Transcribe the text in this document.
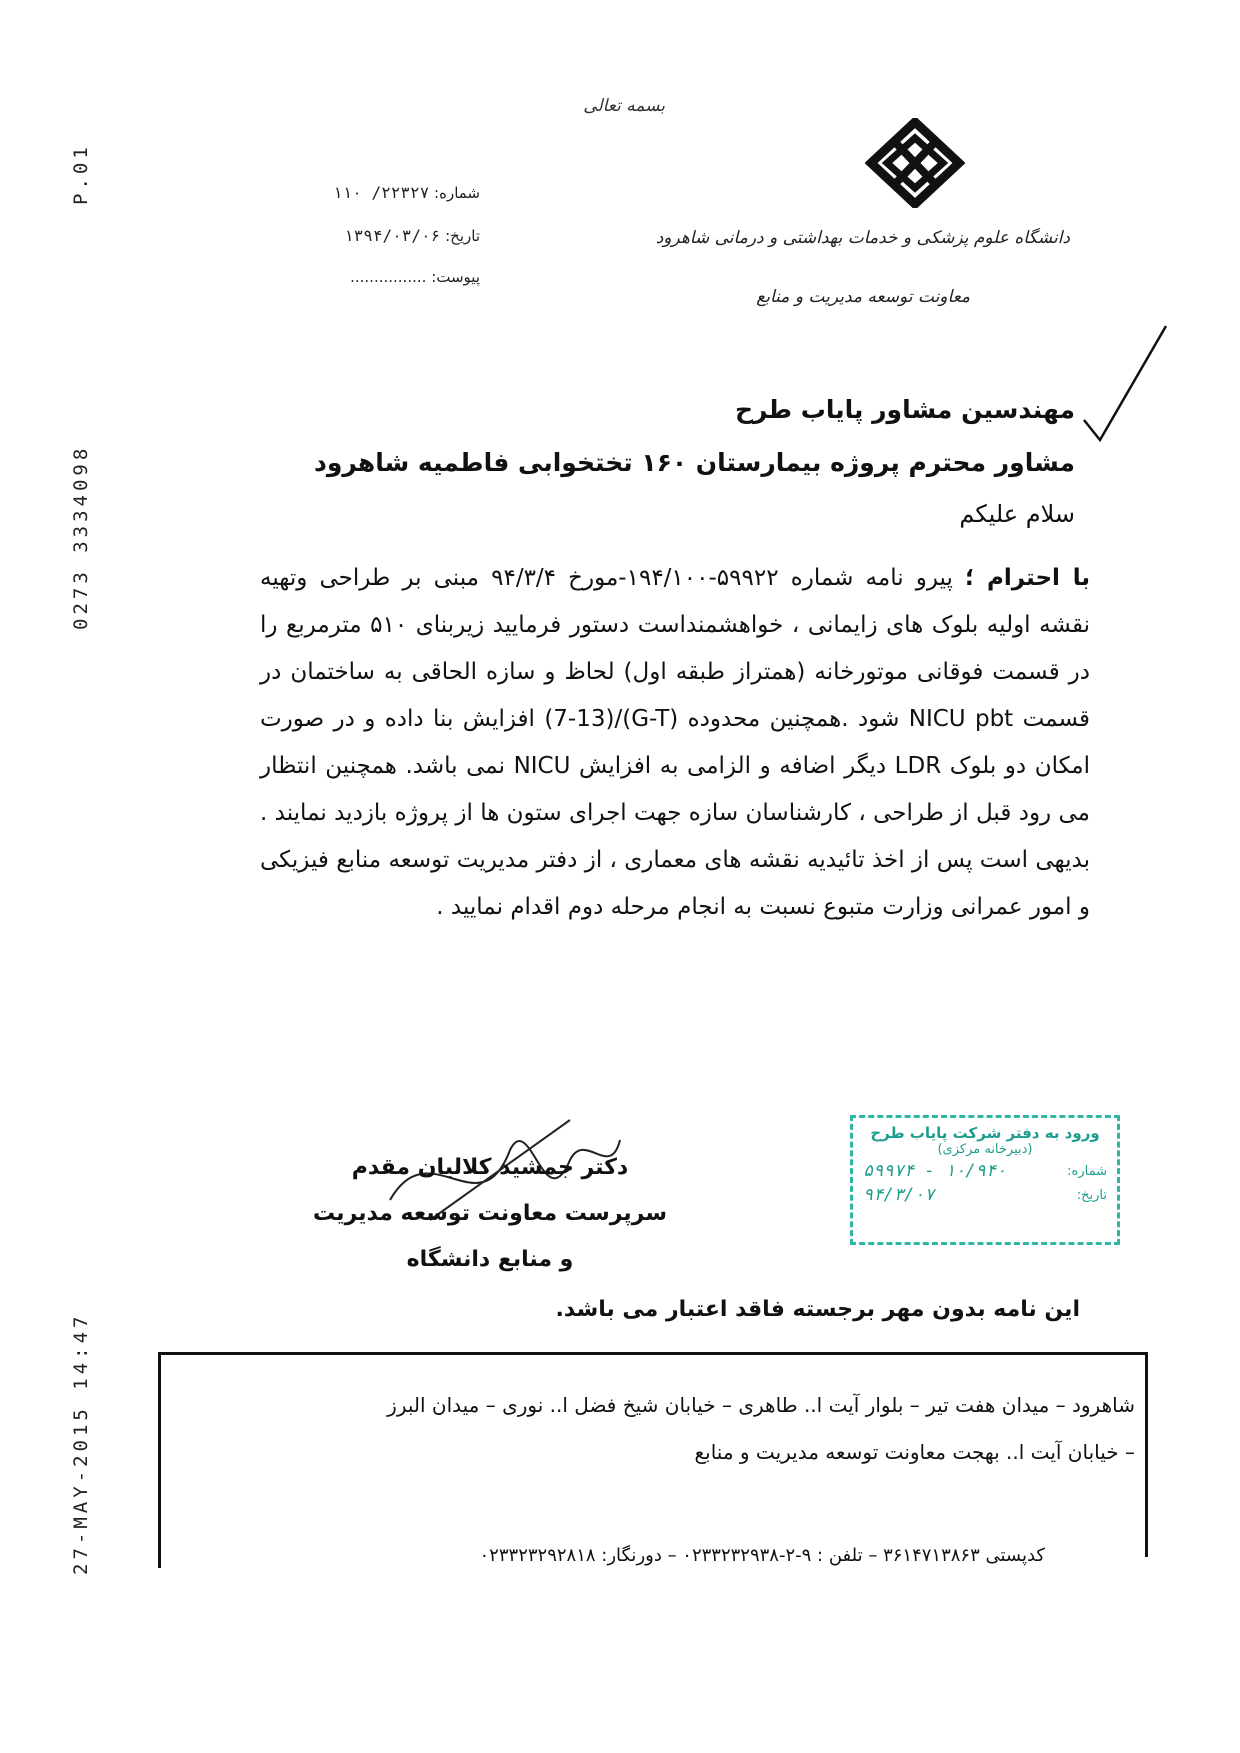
P.01
0273 3334098
27-MAY-2015 14:47
بسمه تعالی
دانشگاه علوم پزشکی و خدمات بهداشتی و درمانی شاهرود
معاونت توسعه مدیریت و منابع
شماره: ۲۲۳۲۷/ ۱۱۰
تاریخ: ۱۳۹۴/۰۳/۰۶
پیوست: ................
مهندسین مشاور پایاب طرح
مشاور محترم پروژه بیمارستان ۱۶۰ تختخوابی فاطمیه شاهرود
سلام علیکم
با احترام ؛ پیرو نامه شماره ۵۹۹۲۲-۱۹۴/۱۰۰-مورخ ۹۴/۳/۴ مبنی بر طراحی وتهیه نقشه اولیه بلوک های زایمانی ، خواهشمنداست دستور فرمایید زیربنای ۵۱۰ مترمربع را در قسمت فوقانی موتورخانه (همتراز طبقه اول) لحاظ و سازه الحاقی به ساختمان در قسمت NICU pbt شود .همچنین محدوده (G-T)/(7-13) افزایش بنا داده و در صورت امکان دو بلوک LDR دیگر اضافه و الزامی به افزایش NICU نمی باشد. همچنین انتظار می رود قبل از طراحی ، کارشناسان سازه جهت اجرای ستون ها از پروژه بازدید نمایند . بدیهی است پس از اخذ تائیدیه نقشه های معماری ، از دفتر مدیریت توسعه منابع فیزیکی و امور عمرانی وزارت متبوع نسبت به انجام مرحله دوم اقدام نمایید .
دکتر جمشید کلالیان مقدم
سرپرست معاونت توسعه مدیریت
و منابع دانشگاه
ورود به دفتر شرکت پایاب طرح
(دبیرخانه مرکزی)
شماره:
۱۰/۹۴۰ - ۵۹۹۷۴
تاریخ:
۹۴/۳/۰۷
این نامه بدون مهر برجسته فاقد اعتبار می باشد.
شاهرود – میدان هفت تیر – بلوار آیت ا.. طاهری – خیابان شیخ فضل ا.. نوری – میدان البرز
– خیابان آیت ا.. بهجت معاونت توسعه مدیریت و منابع
کدپستی ۳۶۱۴۷۱۳۸۶۳ – تلفن : ۹-۲-۰۲۳۳۲۳۲۹۳۸ – دورنگار: ۰۲۳۳۲۳۲۹۲۸۱۸
